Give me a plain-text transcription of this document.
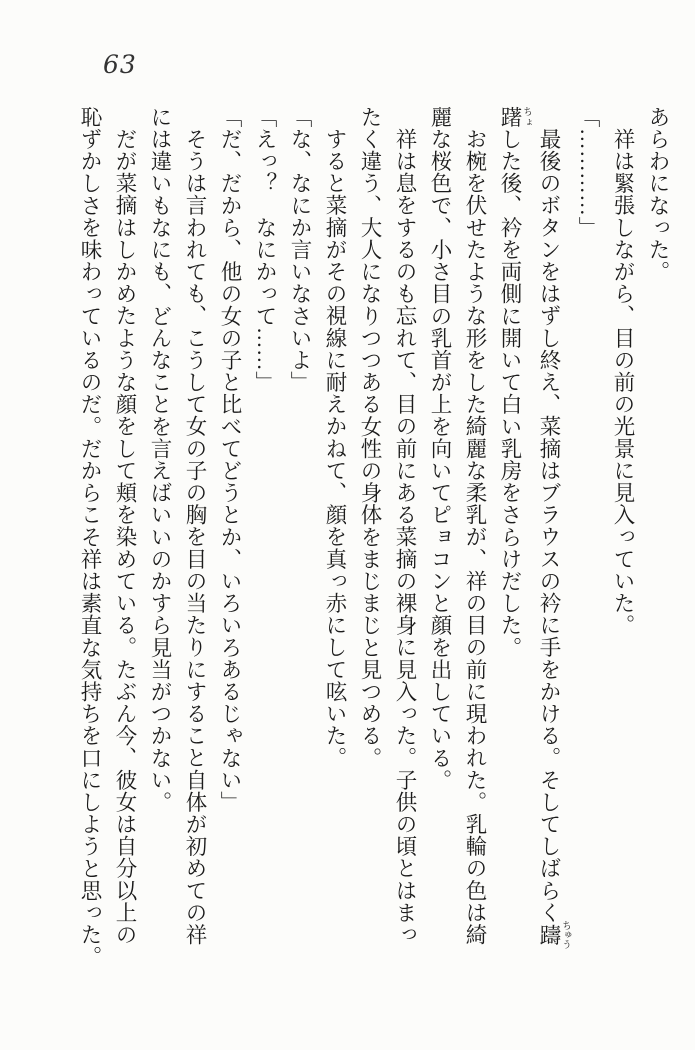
63

あらわになった。

祥は緊張しながら、目の前の光景に見入っていた。

「…………」

最後のボタンをはずし終え、菜摘はブラウスの衿に手をかける。そしてしばらく躊 ちゅう

躇 ちょした後、衿を両側に開いて白い乳房をさらけだした。

お椀を伏せたような形をした綺麗な柔乳が、祥の目の前に現われた。乳輪の色は綺

麗な桜色で、小さ目の乳首が上を向いてピョコンと顔を出している。

祥は息をするのも忘れて、目の前にある菜摘の裸身に見入った。子供の頃とはまっ

たく違う、大人になりつつある女性の身体をまじまじと見つめる。

すると菜摘がその視線に耐えかねて、顔を真っ赤にして呟いた。

「な、なにか言いなさいよ」

「えっ？　なにかって……」

「だ、だから、他の女の子と比べてどうとか、いろいろあるじゃない」

そうは言われても、こうして女の子の胸を目の当たりにすること自体が初めての祥

には違いもなにも、どんなことを言えばいいのかすら見当がつかない。

だが菜摘はしかめたような顔をして頬を染めている。たぶん今、彼女は自分以上の

恥ずかしさを味わっているのだ。だからこそ祥は素直な気持ちを口にしようと思った。
